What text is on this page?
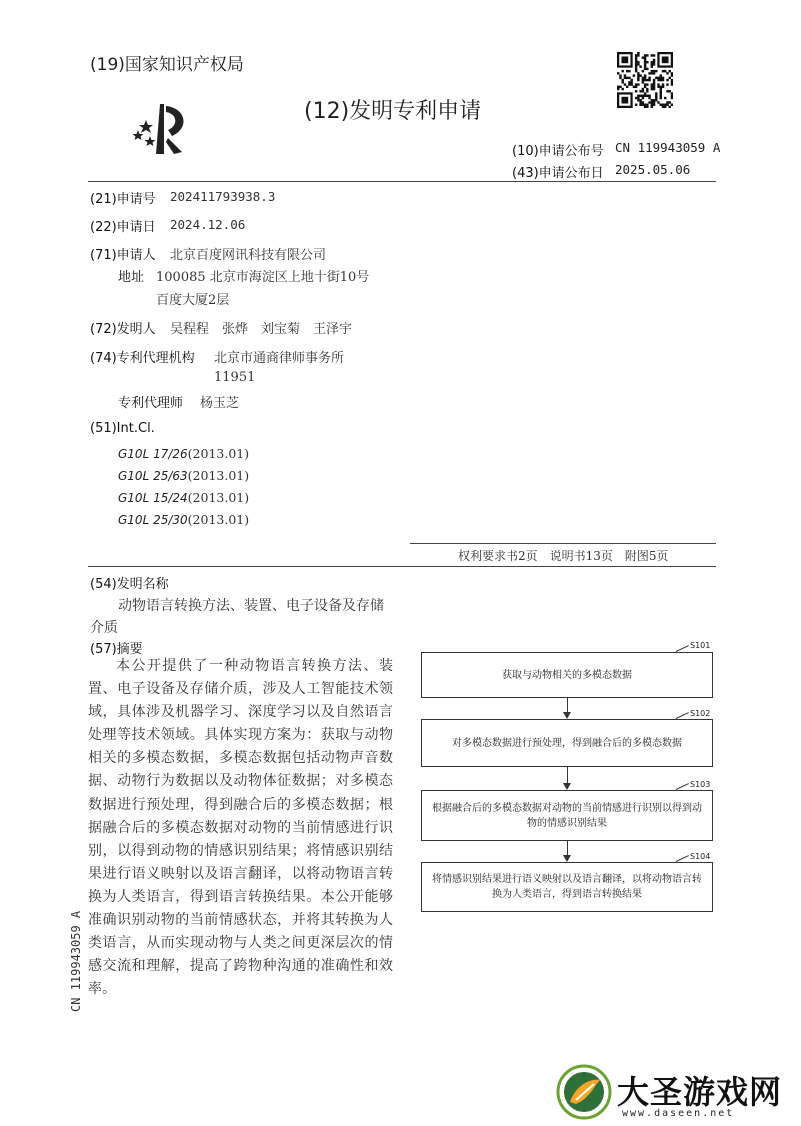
(19)国家知识产权局
(12)发明专利申请
(10)申请公布号 CN 119943059 A
(43)申请公布日 2025.05.06
(21)申请号 202411793938.3
(22)申请日 2024.12.06
(71)申请人 北京百度网讯科技有限公司
地址 100085 北京市海淀区上地十街10号
百度大厦2层
(72)发明人 吴程程　张烨　刘宝菊　王泽宇
(74)专利代理机构 北京市通商律师事务所
11951
专利代理师 杨玉芝
(51)Int.Cl.
G10L 17/26(2013.01)
G10L 25/63(2013.01)
G10L 15/24(2013.01)
G10L 25/30(2013.01)
权利要求书2页　说明书13页　附图5页
(54)发明名称
动物语言转换方法、装置、电子设备及存储
介质
(57)摘要
本公开提供了一种动物语言转换方法、装置、电子设备及存储介质，涉及人工智能技术领域，具体涉及机器学习、深度学习以及自然语言处理等技术领域。具体实现方案为：获取与动物相关的多模态数据，多模态数据包括动物声音数据、动物行为数据以及动物体征数据；对多模态数据进行预处理，得到融合后的多模态数据；根据融合后的多模态数据对动物的当前情感进行识别，以得到动物的情感识别结果；将情感识别结果进行语义映射以及语言翻译，以将动物语言转换为人类语言，得到语言转换结果。本公开能够准确识别动物的当前情感状态，并将其转换为人类语言，从而实现动物与人类之间更深层次的情感交流和理解，提高了跨物种沟通的准确性和效率。
CN 119943059 A
获取与动物相关的多模态数据
对多模态数据进行预处理，得到融合后的多模态数据
根据融合后的多模态数据对动物的当前情感进行识别以得到动物的情感识别结果
将情感识别结果进行语义映射以及语言翻译，以将动物语言转换为人类语言，得到语言转换结果
S101
S102
S103
S104
大圣游戏网
www.daseen.net
